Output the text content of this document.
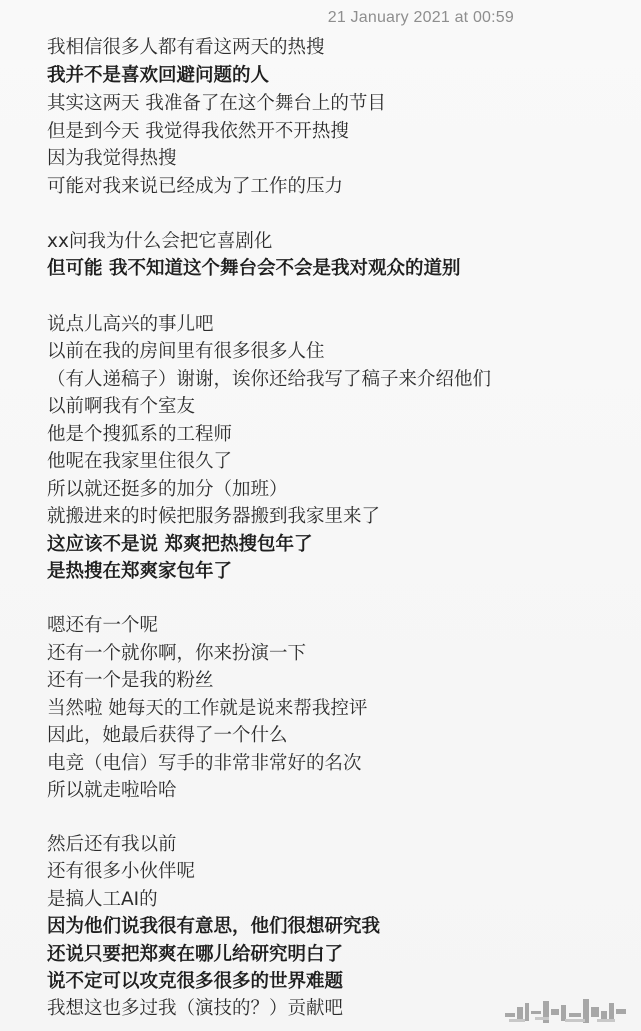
21 January 2021 at 00:59
我相信很多人都有看这两天的热搜
我并不是喜欢回避问题的人
其实这两天 我准备了在这个舞台上的节目
但是到今天 我觉得我依然开不开热搜
因为我觉得热搜
可能对我来说已经成为了工作的压力
xx问我为什么会把它喜剧化
但可能 我不知道这个舞台会不会是我对观众的道别
说点儿高兴的事儿吧
以前在我的房间里有很多很多人住
（有人递稿子）谢谢，诶你还给我写了稿子来介绍他们
以前啊我有个室友
他是个搜狐系的工程师
他呢在我家里住很久了
所以就还挺多的加分（加班）
就搬进来的时候把服务器搬到我家里来了
这应该不是说 郑爽把热搜包年了
是热搜在郑爽家包年了
嗯还有一个呢
还有一个就你啊，你来扮演一下
还有一个是我的粉丝
当然啦 她每天的工作就是说来帮我控评
因此，她最后获得了一个什么
电竞（电信）写手的非常非常好的名次
所以就走啦哈哈
然后还有我以前
还有很多小伙伴呢
是搞人工AI的
因为他们说我很有意思，他们很想研究我
还说只要把郑爽在哪儿给研究明白了
说不定可以攻克很多很多的世界难题
我想这也多过我（演技的？）贡献吧
